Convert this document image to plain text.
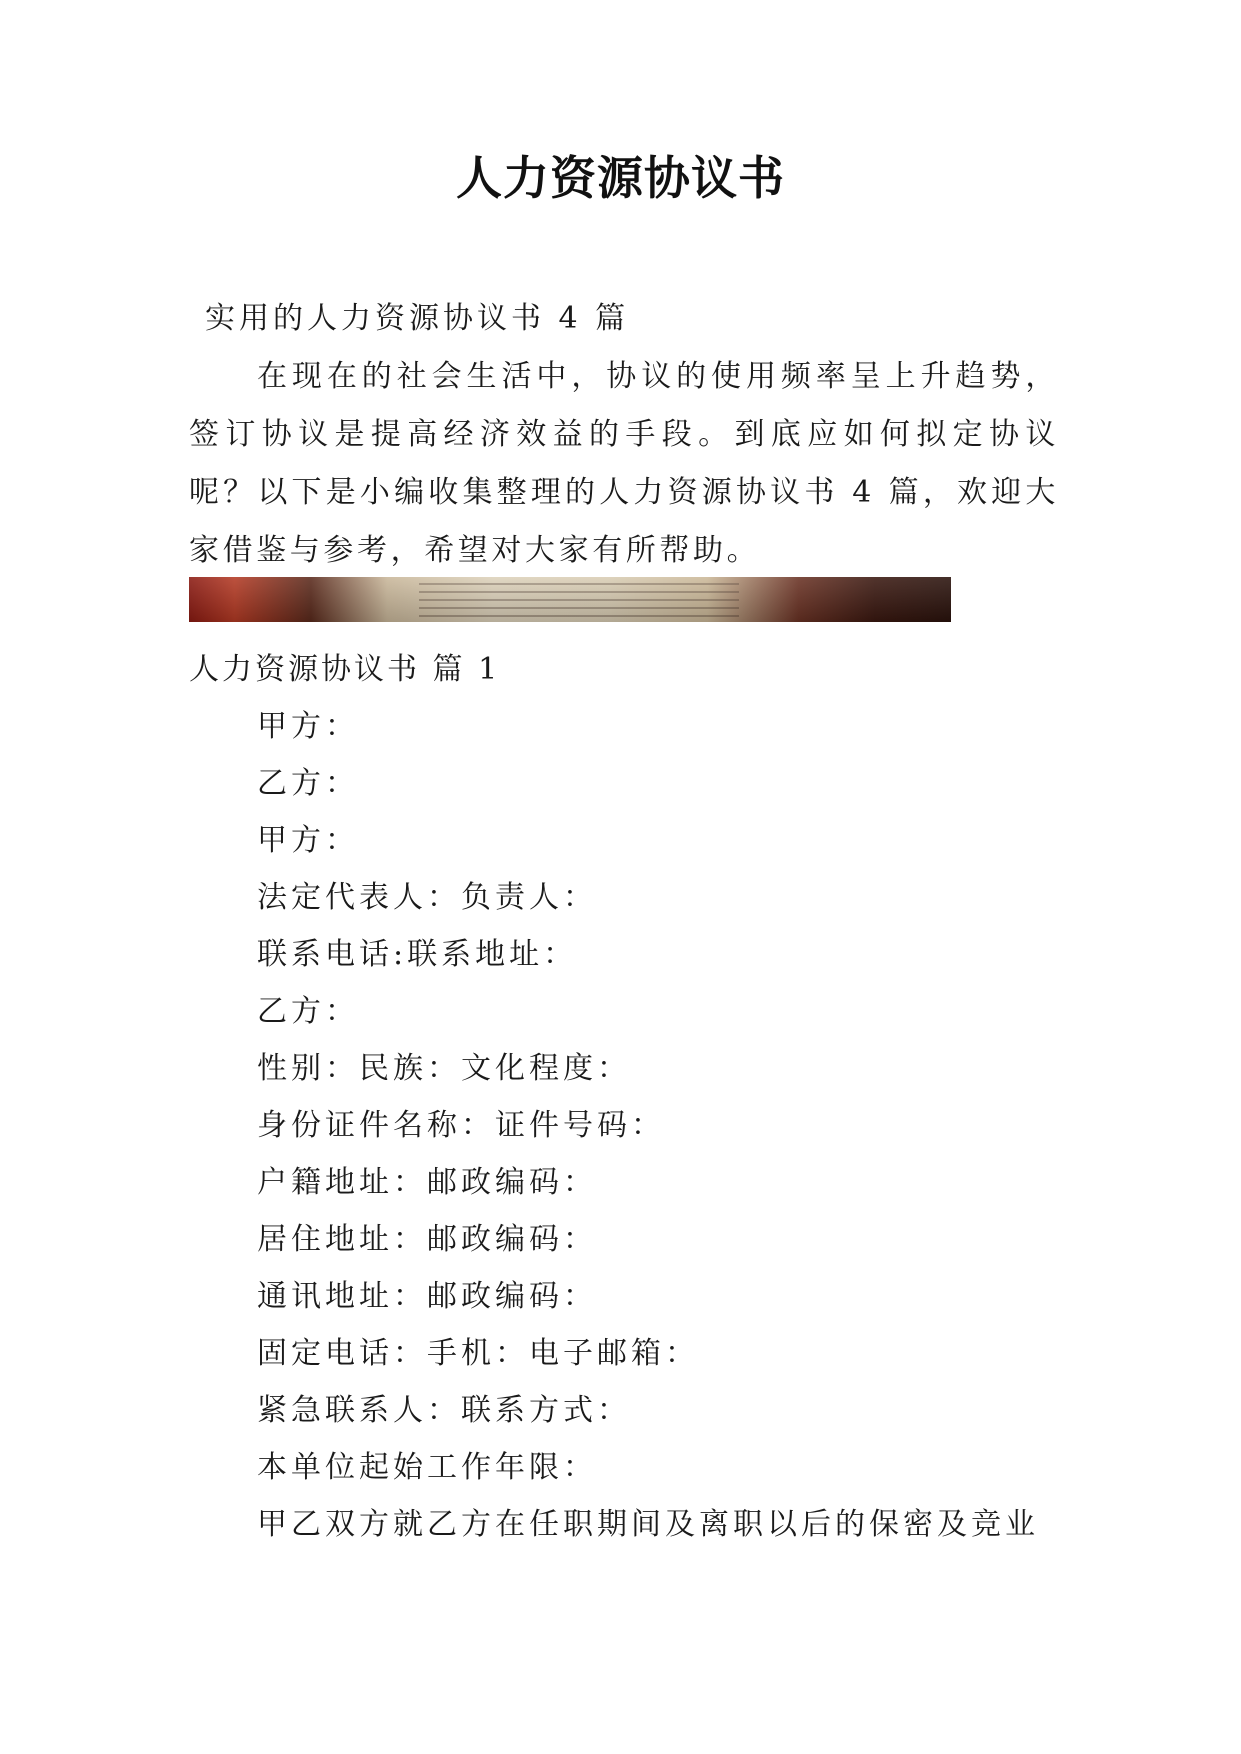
人力资源协议书
实用的人力资源协议书 4 篇
在现在的社会生活中，协议的使用频率呈上升趋势，签订协议是提高经济效益的手段。到底应如何拟定协议呢？以下是小编收集整理的人力资源协议书 4 篇，欢迎大家借鉴与参考，希望对大家有所帮助。
人力资源协议书 篇 1
甲方：
乙方：
甲方：
法定代表人：负责人：
联系电话:联系地址：
乙方：
性别：民族：文化程度：
身份证件名称：证件号码：
户籍地址：邮政编码：
居住地址：邮政编码：
通讯地址：邮政编码：
固定电话：手机：电子邮箱：
紧急联系人：联系方式：
本单位起始工作年限：
甲乙双方就乙方在任职期间及离职以后的保密及竞业
